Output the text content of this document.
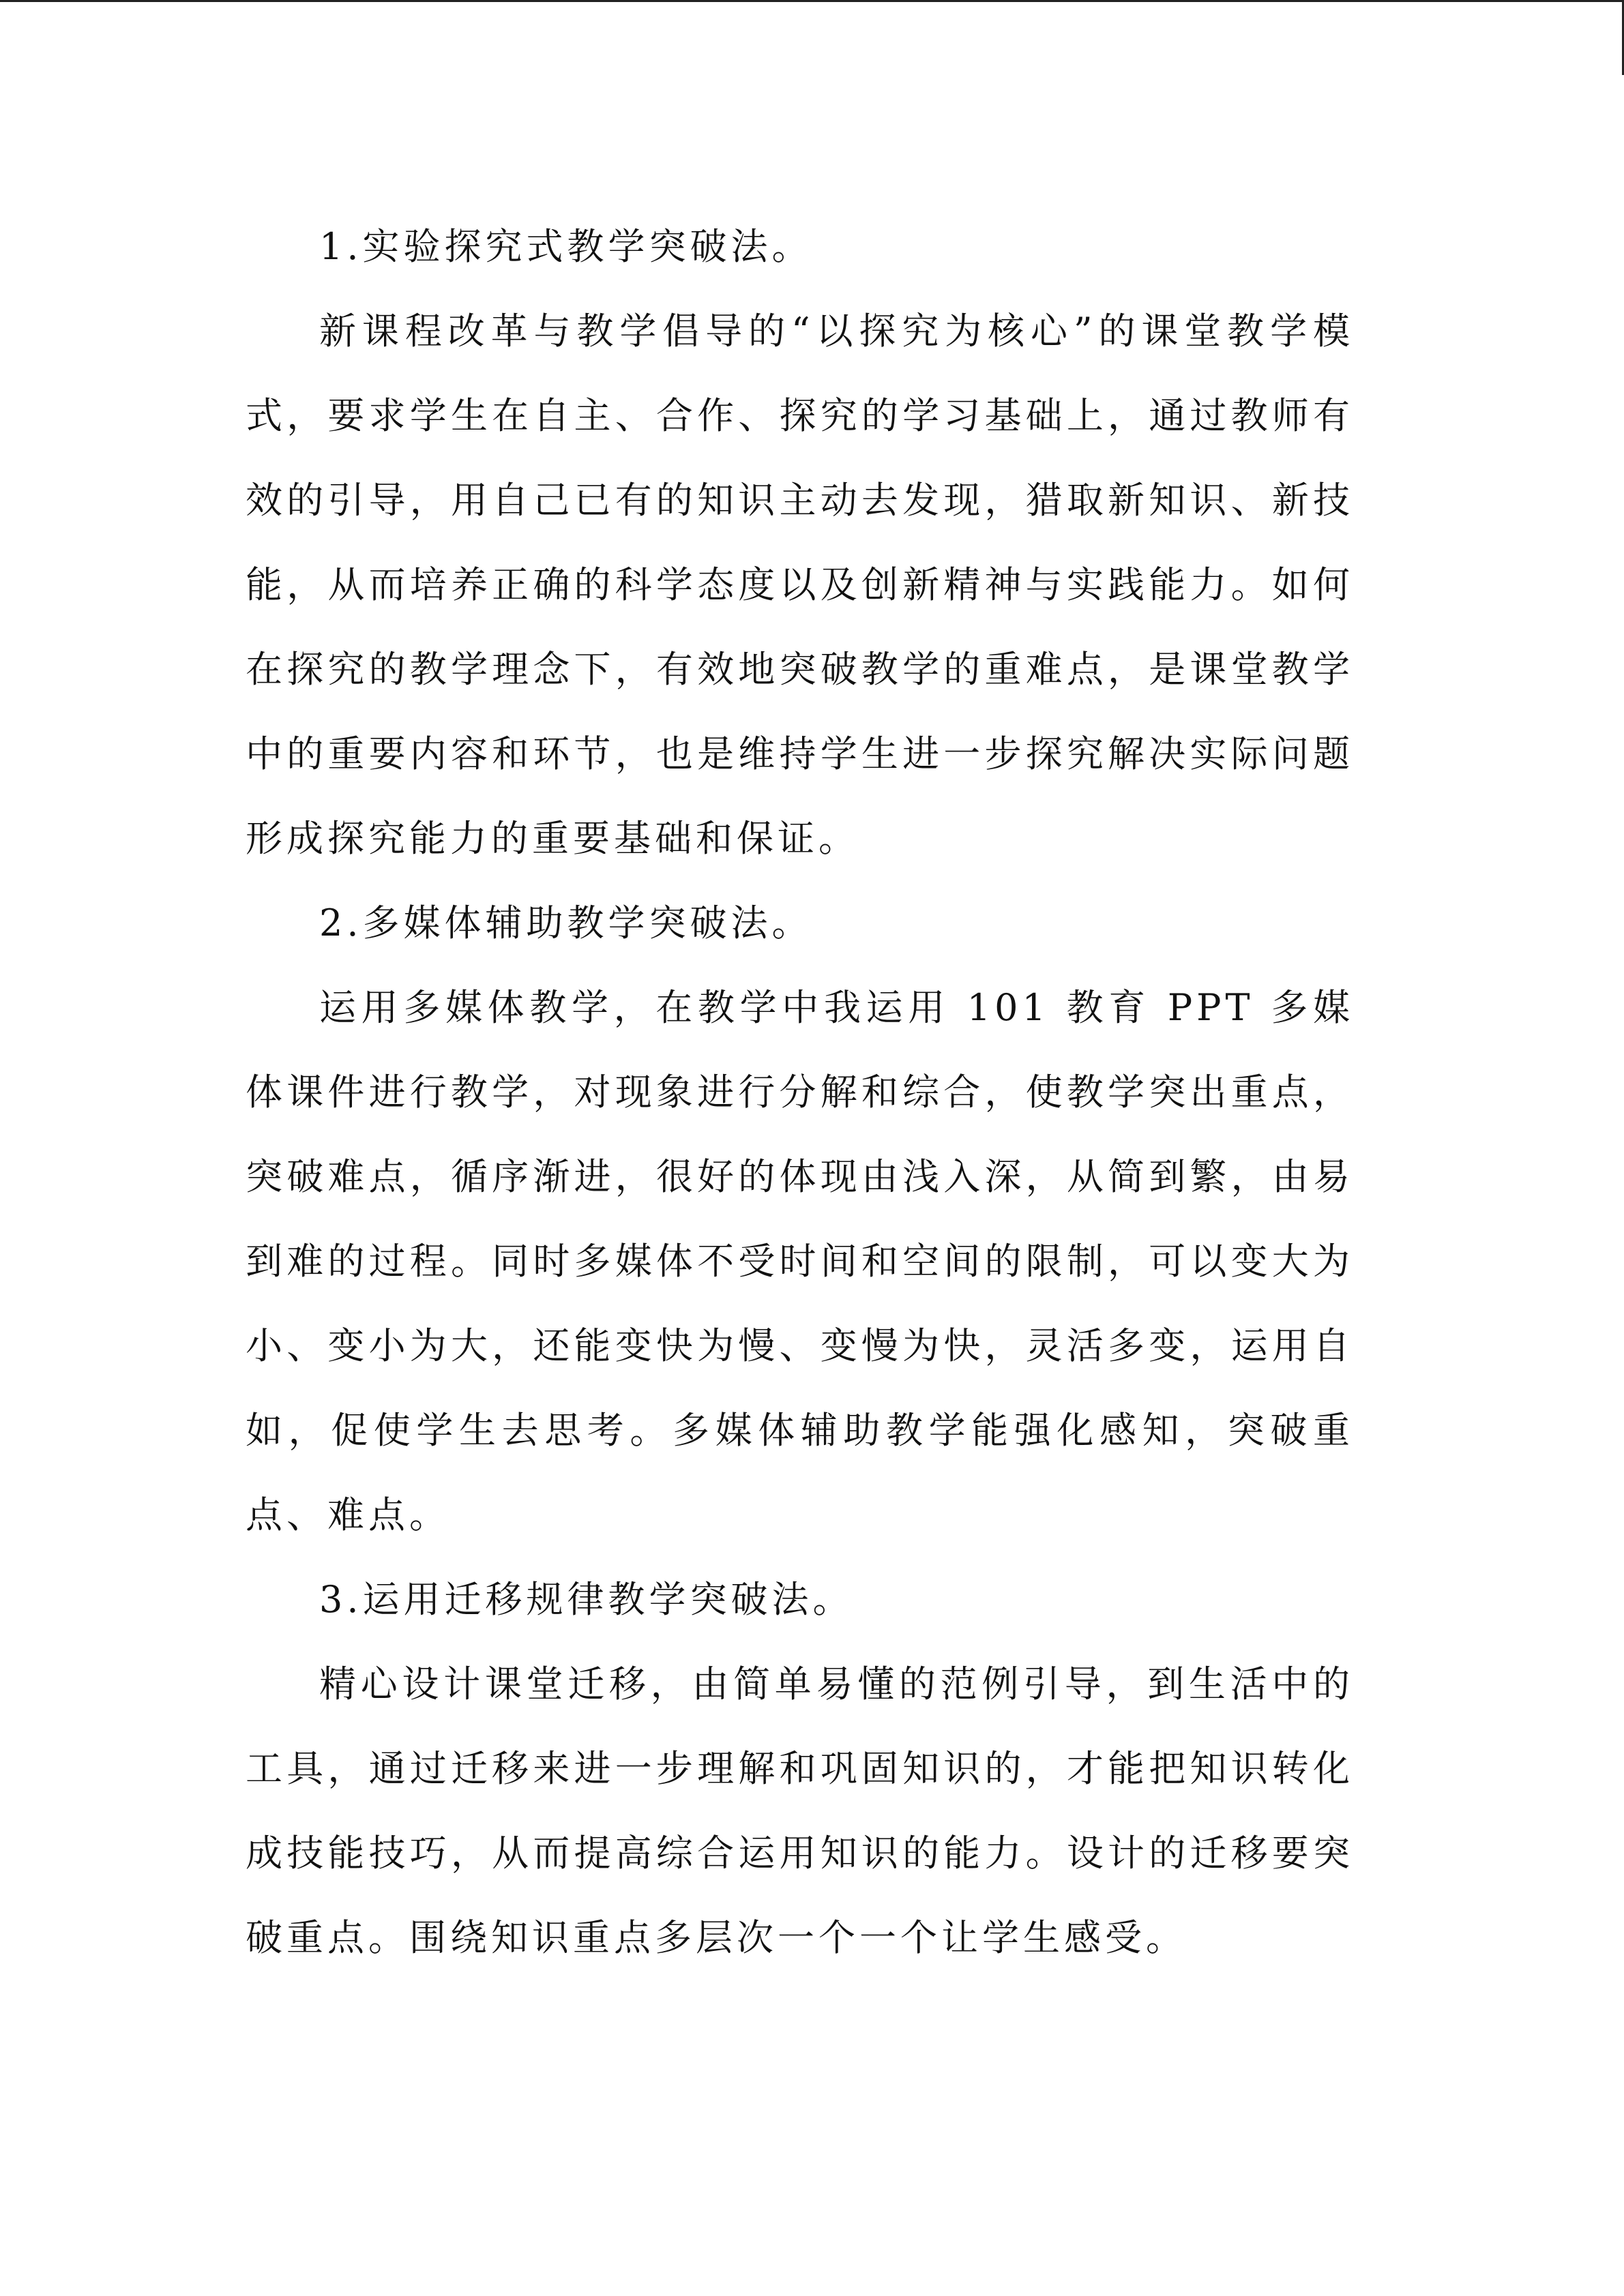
1.实验探究式教学突破法。

新课程改革与教学倡导的“以探究为核心”的课堂教学模式，要求学生在自主、合作、探究的学习基础上，通过教师有效的引导，用自己已有的知识主动去发现，猎取新知识、新技能，从而培养正确的科学态度以及创新精神与实践能力。如何在探究的教学理念下，有效地突破教学的重难点，是课堂教学中的重要内容和环节，也是维持学生进一步探究解决实际问题形成探究能力的重要基础和保证。

2.多媒体辅助教学突破法。

运用多媒体教学，在教学中我运用 101 教育 PPT 多媒体课件进行教学，对现象进行分解和综合，使教学突出重点，突破难点，循序渐进，很好的体现由浅入深，从简到繁，由易到难的过程。同时多媒体不受时间和空间的限制，可以变大为小、变小为大，还能变快为慢、变慢为快，灵活多变，运用自如，促使学生去思考。多媒体辅助教学能强化感知，突破重点、难点。

3.运用迁移规律教学突破法。

精心设计课堂迁移，由简单易懂的范例引导，到生活中的工具，通过迁移来进一步理解和巩固知识的，才能把知识转化成技能技巧，从而提高综合运用知识的能力。设计的迁移要突破重点。围绕知识重点多层次一个一个让学生感受。
